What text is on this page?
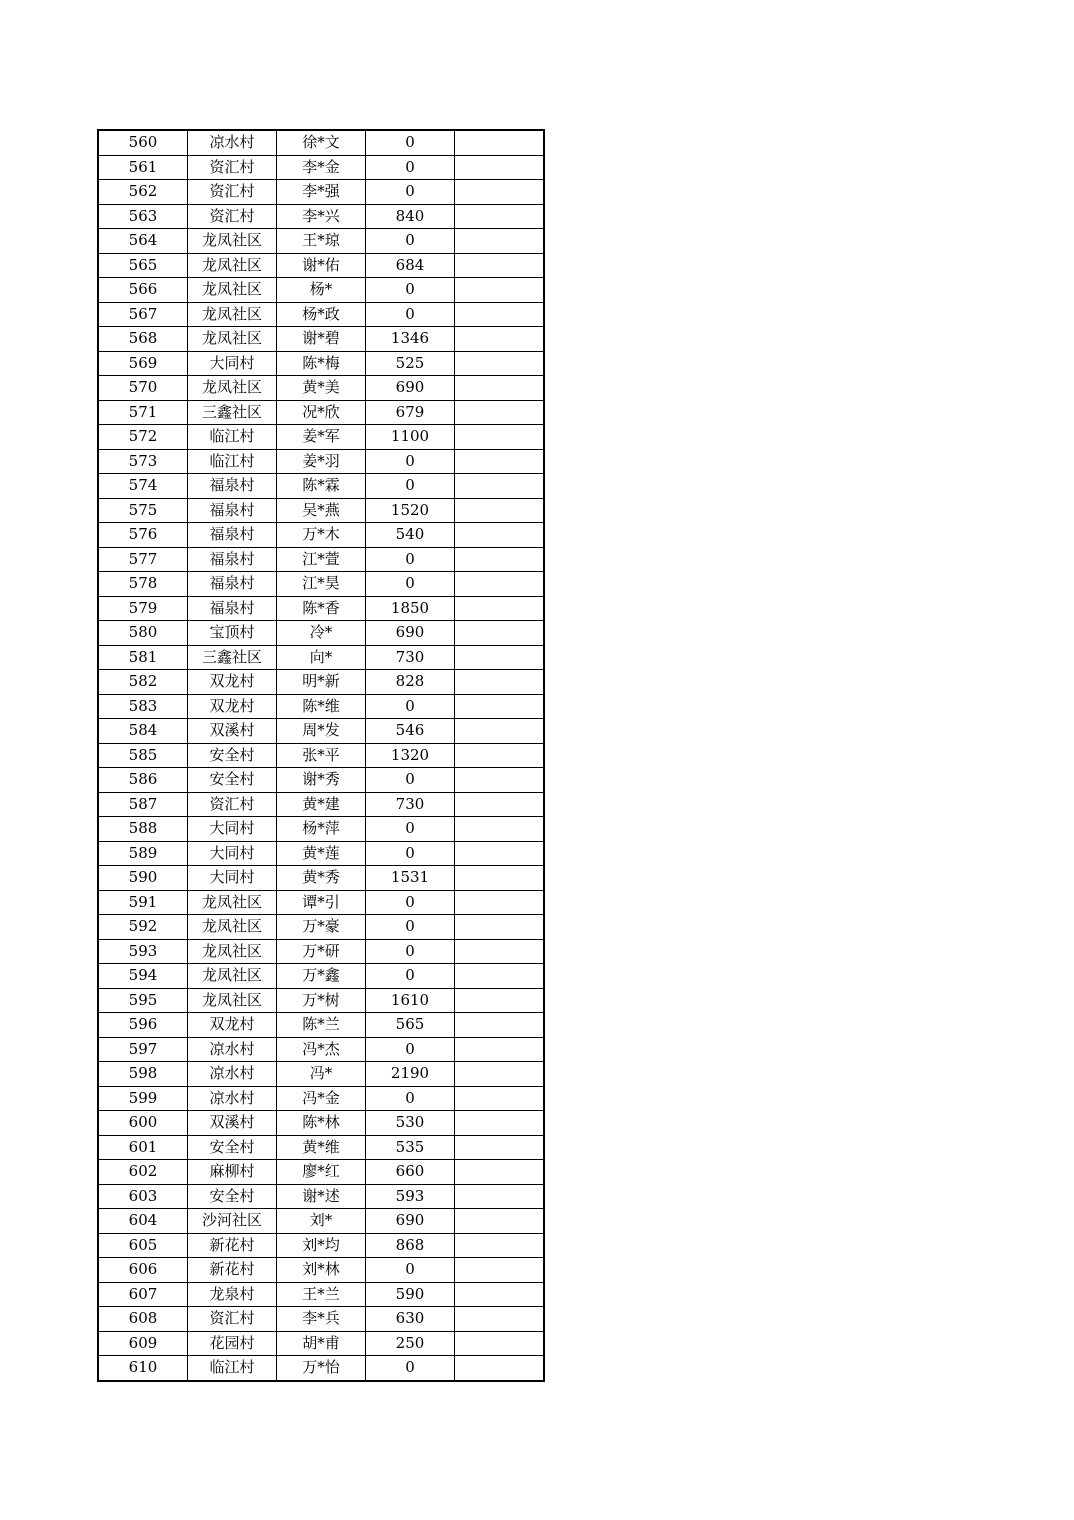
560	凉水村	徐*文	0	
561	资汇村	李*金	0	
562	资汇村	李*强	0	
563	资汇村	李*兴	840	
564	龙凤社区	王*琼	0	
565	龙凤社区	谢*佑	684	
566	龙凤社区	杨*	0	
567	龙凤社区	杨*政	0	
568	龙凤社区	谢*碧	1346	
569	大同村	陈*梅	525	
570	龙凤社区	黄*美	690	
571	三鑫社区	况*欣	679	
572	临江村	姜*军	1100	
573	临江村	姜*羽	0	
574	福泉村	陈*霖	0	
575	福泉村	吴*燕	1520	
576	福泉村	万*木	540	
577	福泉村	江*萱	0	
578	福泉村	江*昊	0	
579	福泉村	陈*香	1850	
580	宝顶村	冷*	690	
581	三鑫社区	向*	730	
582	双龙村	明*新	828	
583	双龙村	陈*维	0	
584	双溪村	周*发	546	
585	安全村	张*平	1320	
586	安全村	谢*秀	0	
587	资汇村	黄*建	730	
588	大同村	杨*萍	0	
589	大同村	黄*莲	0	
590	大同村	黄*秀	1531	
591	龙凤社区	谭*引	0	
592	龙凤社区	万*豪	0	
593	龙凤社区	万*研	0	
594	龙凤社区	万*鑫	0	
595	龙凤社区	万*树	1610	
596	双龙村	陈*兰	565	
597	凉水村	冯*杰	0	
598	凉水村	冯*	2190	
599	凉水村	冯*金	0	
600	双溪村	陈*林	530	
601	安全村	黄*维	535	
602	麻柳村	廖*红	660	
603	安全村	谢*述	593	
604	沙河社区	刘*	690	
605	新花村	刘*均	868	
606	新花村	刘*林	0	
607	龙泉村	王*兰	590	
608	资汇村	李*兵	630	
609	花园村	胡*甫	250	
610	临江村	万*怡	0	
